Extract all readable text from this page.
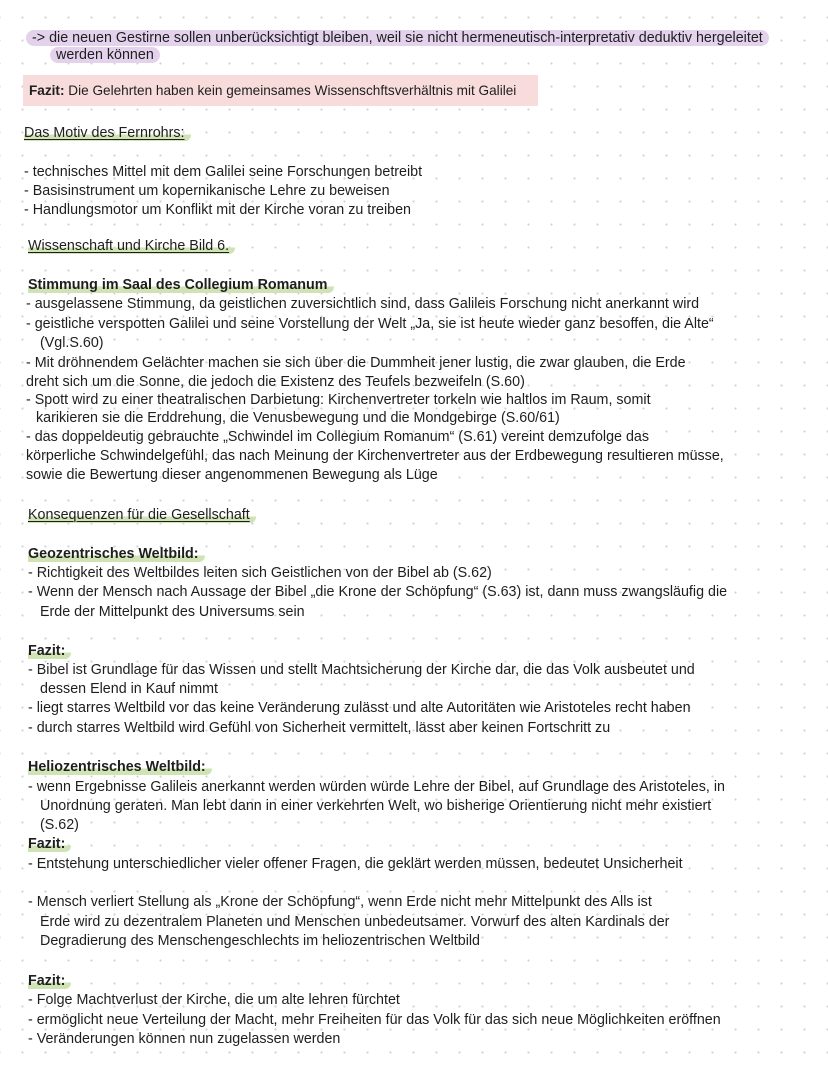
-> die neuen Gestirne sollen unberücksichtigt bleiben, weil sie nicht hermeneutisch-interpretativ deduktiv hergeleitet

werden können

Fazit: Die Gelehrten haben kein gemeinsames Wissenschftsverhältnis mit Galilei

Das Motiv des Fernrohrs:

- technisches Mittel mit dem Galilei seine Forschungen betreibt

- Basisinstrument um kopernikanische Lehre zu beweisen

- Handlungsmotor um Konflikt mit der Kirche voran zu treiben

Wissenschaft und Kirche Bild 6.

Stimmung im Saal des Collegium Romanum

- ausgelassene Stimmung, da geistlichen zuversichtlich sind, dass Galileis Forschung nicht anerkannt wird

- geistliche verspotten Galilei und seine Vorstellung der Welt „Ja, sie ist heute wieder ganz besoffen, die Alte“

(Vgl.S.60)

- Mit dröhnendem Gelächter machen sie sich über die Dummheit jener lustig, die zwar glauben, die Erde

dreht sich um die Sonne, die jedoch die Existenz des Teufels bezweifeln (S.60)

- Spott wird zu einer theatralischen Darbietung: Kirchenvertreter torkeln wie haltlos im Raum, somit

karikieren sie die Erddrehung, die Venusbewegung und die Mondgebirge (S.60/61)

- das doppeldeutig gebrauchte „Schwindel im Collegium Romanum“ (S.61) vereint demzufolge das

körperliche Schwindelgefühl, das nach Meinung der Kirchenvertreter aus der Erdbewegung resultieren müsse,

sowie die Bewertung dieser angenommenen Bewegung als Lüge

Konsequenzen für die Gesellschaft

Geozentrisches Weltbild:

- Richtigkeit des Weltbildes leiten sich Geistlichen von der Bibel ab (S.62)

- Wenn der Mensch nach Aussage der Bibel „die Krone der Schöpfung“ (S.63) ist, dann muss zwangsläufig die

Erde der Mittelpunkt des Universums sein

Fazit:

- Bibel ist Grundlage für das Wissen und stellt Machtsicherung der Kirche dar, die das Volk ausbeutet und

dessen Elend in Kauf nimmt

- liegt starres Weltbild vor das keine Veränderung zulässt und alte Autoritäten wie Aristoteles recht haben

- durch starres Weltbild wird Gefühl von Sicherheit vermittelt, lässt aber keinen Fortschritt zu

Heliozentrisches Weltbild:

- wenn Ergebnisse Galileis anerkannt werden würden würde Lehre der Bibel, auf Grundlage des Aristoteles, in

Unordnung geraten. Man lebt dann in einer verkehrten Welt, wo bisherige Orientierung nicht mehr existiert

(S.62)

Fazit:

- Entstehung unterschiedlicher vieler offener Fragen, die geklärt werden müssen, bedeutet Unsicherheit

- Mensch verliert Stellung als „Krone der Schöpfung“, wenn Erde nicht mehr Mittelpunkt des Alls ist

Erde wird zu dezentralem Planeten und Menschen unbedeutsamer. Vorwurf des alten Kardinals der

Degradierung des Menschengeschlechts im heliozentrischen Weltbild

Fazit:

- Folge Machtverlust der Kirche, die um alte lehren fürchtet

- ermöglicht neue Verteilung der Macht, mehr Freiheiten für das Volk für das sich neue Möglichkeiten eröffnen

- Veränderungen können nun zugelassen werden
